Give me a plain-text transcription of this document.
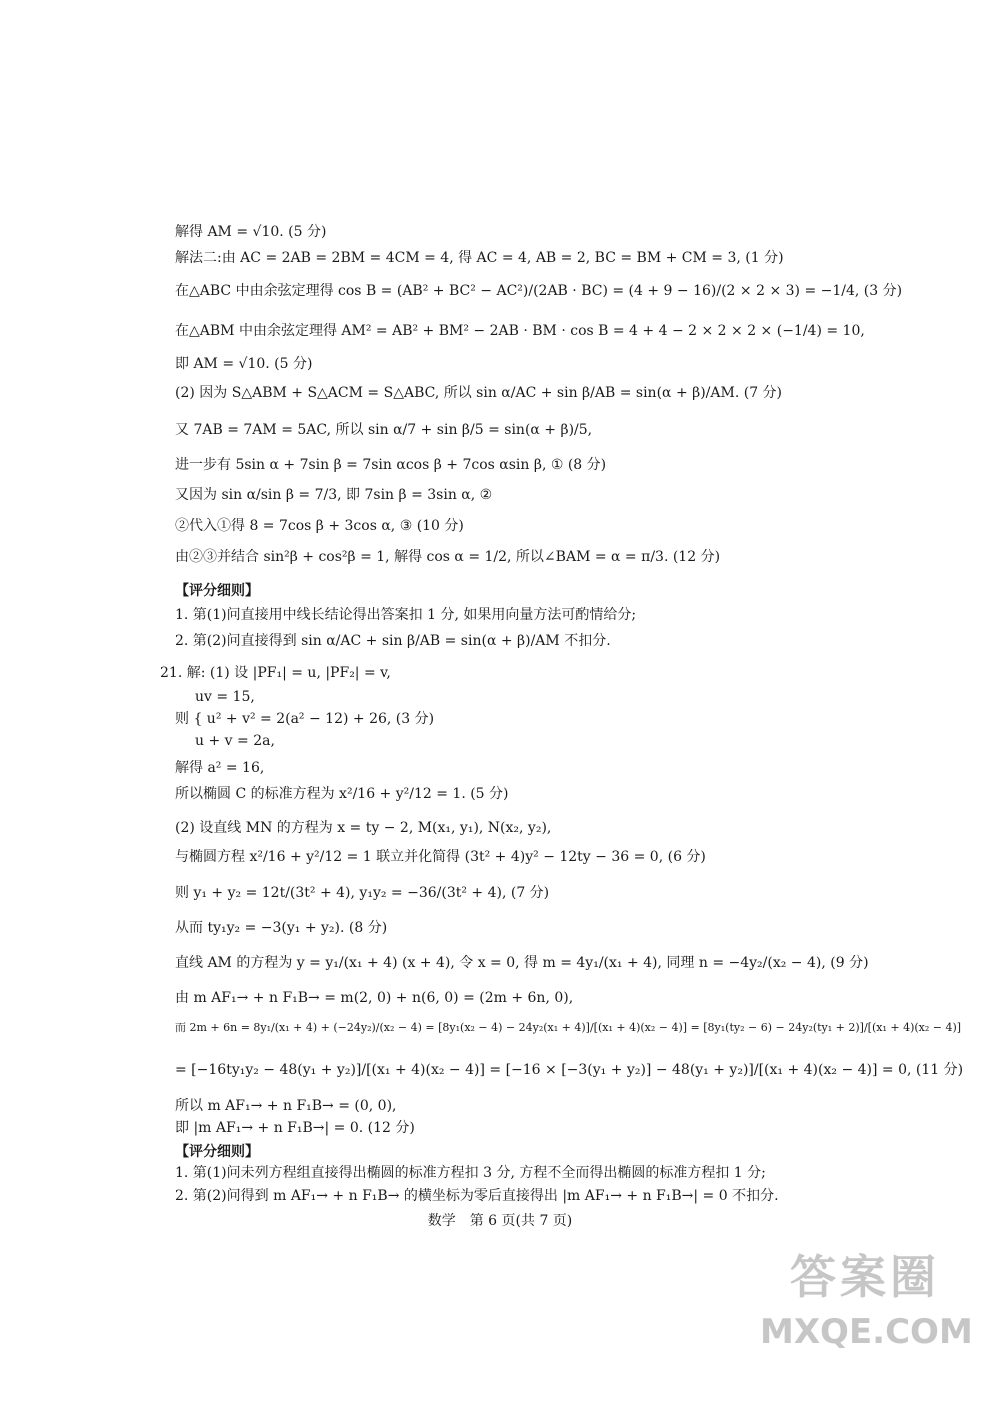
解得 AM = √10. (5 分)
解法二:由 AC = 2AB = 2BM = 4CM = 4, 得 AC = 4, AB = 2, BC = BM + CM = 3, (1 分)
在△ABC 中由余弦定理得 cos B = (AB² + BC² − AC²)/(2AB · BC) = (4 + 9 − 16)/(2 × 2 × 3) = −1/4, (3 分)
在△ABM 中由余弦定理得 AM² = AB² + BM² − 2AB · BM · cos B = 4 + 4 − 2 × 2 × 2 × (−1/4) = 10,
即 AM = √10. (5 分)
(2) 因为 S△ABM + S△ACM = S△ABC, 所以 sin α/AC + sin β/AB = sin(α + β)/AM. (7 分)
又 7AB = 7AM = 5AC, 所以 sin α/7 + sin β/5 = sin(α + β)/5,
进一步有 5sin α + 7sin β = 7sin αcos β + 7cos αsin β, ① (8 分)
又因为 sin α/sin β = 7/3, 即 7sin β = 3sin α, ②
②代入①得 8 = 7cos β + 3cos α, ③ (10 分)
由②③并结合 sin²β + cos²β = 1, 解得 cos α = 1/2, 所以∠BAM = α = π/3. (12 分)
【评分细则】
1. 第(1)问直接用中线长结论得出答案扣 1 分, 如果用向量方法可酌情给分;
2. 第(2)问直接得到 sin α/AC + sin β/AB = sin(α + β)/AM 不扣分.
21. 解: (1) 设 |PF₁| = u, |PF₂| = v,
uv = 15,
则 { u² + v² = 2(a² − 12) + 26, (3 分)
u + v = 2a,
解得 a² = 16,
所以椭圆 C 的标准方程为 x²/16 + y²/12 = 1. (5 分)
(2) 设直线 MN 的方程为 x = ty − 2, M(x₁, y₁), N(x₂, y₂),
与椭圆方程 x²/16 + y²/12 = 1 联立并化简得 (3t² + 4)y² − 12ty − 36 = 0, (6 分)
则 y₁ + y₂ = 12t/(3t² + 4), y₁y₂ = −36/(3t² + 4), (7 分)
从而 ty₁y₂ = −3(y₁ + y₂). (8 分)
直线 AM 的方程为 y = y₁/(x₁ + 4) (x + 4), 令 x = 0, 得 m = 4y₁/(x₁ + 4), 同理 n = −4y₂/(x₂ − 4), (9 分)
由 m AF₁→ + n F₁B→ = m(2, 0) + n(6, 0) = (2m + 6n, 0),
而 2m + 6n = 8y₁/(x₁ + 4) + (−24y₂)/(x₂ − 4) = [8y₁(x₂ − 4) − 24y₂(x₁ + 4)]/[(x₁ + 4)(x₂ − 4)] = [8y₁(ty₂ − 6) − 24y₂(ty₁ + 2)]/[(x₁ + 4)(x₂ − 4)]
= [−16ty₁y₂ − 48(y₁ + y₂)]/[(x₁ + 4)(x₂ − 4)] = [−16 × [−3(y₁ + y₂)] − 48(y₁ + y₂)]/[(x₁ + 4)(x₂ − 4)] = 0, (11 分)
所以 m AF₁→ + n F₁B→ = (0, 0),
即 |m AF₁→ + n F₁B→| = 0. (12 分)
【评分细则】
1. 第(1)问未列方程组直接得出椭圆的标准方程扣 3 分, 方程不全而得出椭圆的标准方程扣 1 分;
2. 第(2)问得到 m AF₁→ + n F₁B→ 的横坐标为零后直接得出 |m AF₁→ + n F₁B→| = 0 不扣分.
数学　第 6 页(共 7 页)
答案圈
MXQE.COM
